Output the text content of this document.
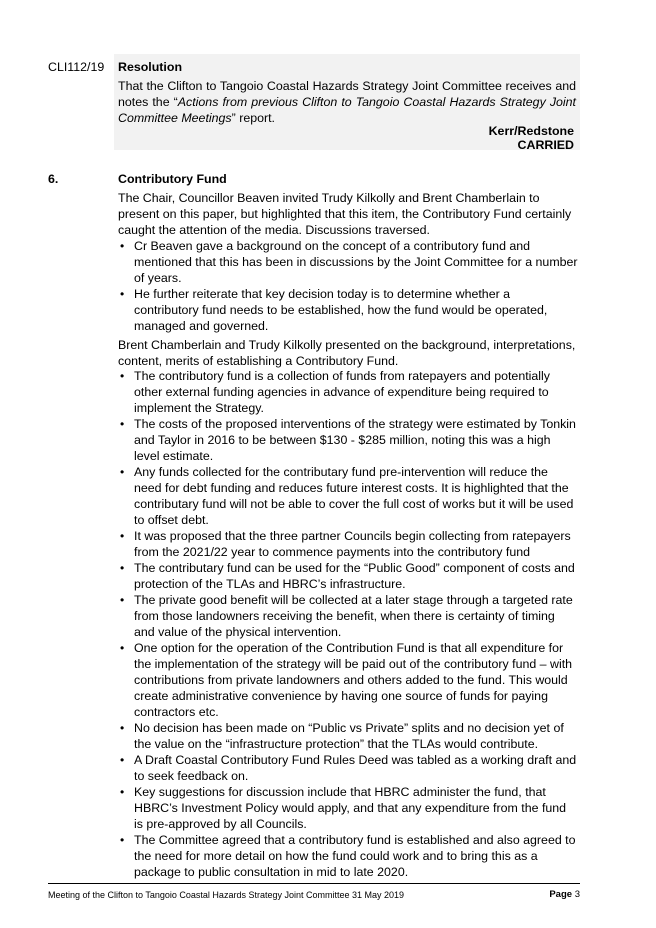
CLI112/19 Resolution
That the Clifton to Tangoio Coastal Hazards Strategy Joint Committee receives and notes the “Actions from previous Clifton to Tangoio Coastal Hazards Strategy Joint Committee Meetings” report.
Kerr/Redstone
CARRIED
6.	Contributory Fund
The Chair, Councillor Beaven invited Trudy Kilkolly and Brent Chamberlain to present on this paper, but highlighted that this item, the Contributory Fund certainly caught the attention of the media. Discussions traversed.
• Cr Beaven gave a background on the concept of a contributory fund and mentioned that this has been in discussions by the Joint Committee for a number of years.
• He further reiterate that key decision today is to determine whether a contributory fund needs to be established, how the fund would be operated, managed and governed.
Brent Chamberlain and Trudy Kilkolly presented on the background, interpretations, content, merits of establishing a Contributory Fund.
• The contributory fund is a collection of funds from ratepayers and potentially other external funding agencies in advance of expenditure being required to implement the Strategy.
• The costs of the proposed interventions of the strategy were estimated by Tonkin and Taylor in 2016 to be between $130 - $285 million, noting this was a high level estimate.
• Any funds collected for the contributary fund pre-intervention will reduce the need for debt funding and reduces future interest costs. It is highlighted that the contributary fund will not be able to cover the full cost of works but it will be used to offset debt.
• It was proposed that the three partner Councils begin collecting from ratepayers from the 2021/22 year to commence payments into the contributory fund
• The contributary fund can be used for the “Public Good” component of costs and protection of the TLAs and HBRC’s infrastructure.
• The private good benefit will be collected at a later stage through a targeted rate from those landowners receiving the benefit, when there is certainty of timing and value of the physical intervention.
• One option for the operation of the Contribution Fund is that all expenditure for the implementation of the strategy will be paid out of the contributory fund – with contributions from private landowners and others added to the fund. This would create administrative convenience by having one source of funds for paying contractors etc.
• No decision has been made on “Public vs Private” splits and no decision yet of the value on the “infrastructure protection” that the TLAs would contribute.
• A Draft Coastal Contributory Fund Rules Deed was tabled as a working draft and to seek feedback on.
• Key suggestions for discussion include that HBRC administer the fund, that HBRC’s Investment Policy would apply, and that any expenditure from the fund is pre-approved by all Councils.
• The Committee agreed that a contributory fund is established and also agreed to the need for more detail on how the fund could work and to bring this as a package to public consultation in mid to late 2020.
Meeting of the Clifton to Tangoio Coastal Hazards Strategy Joint Committee 31 May 2019	Page 3
